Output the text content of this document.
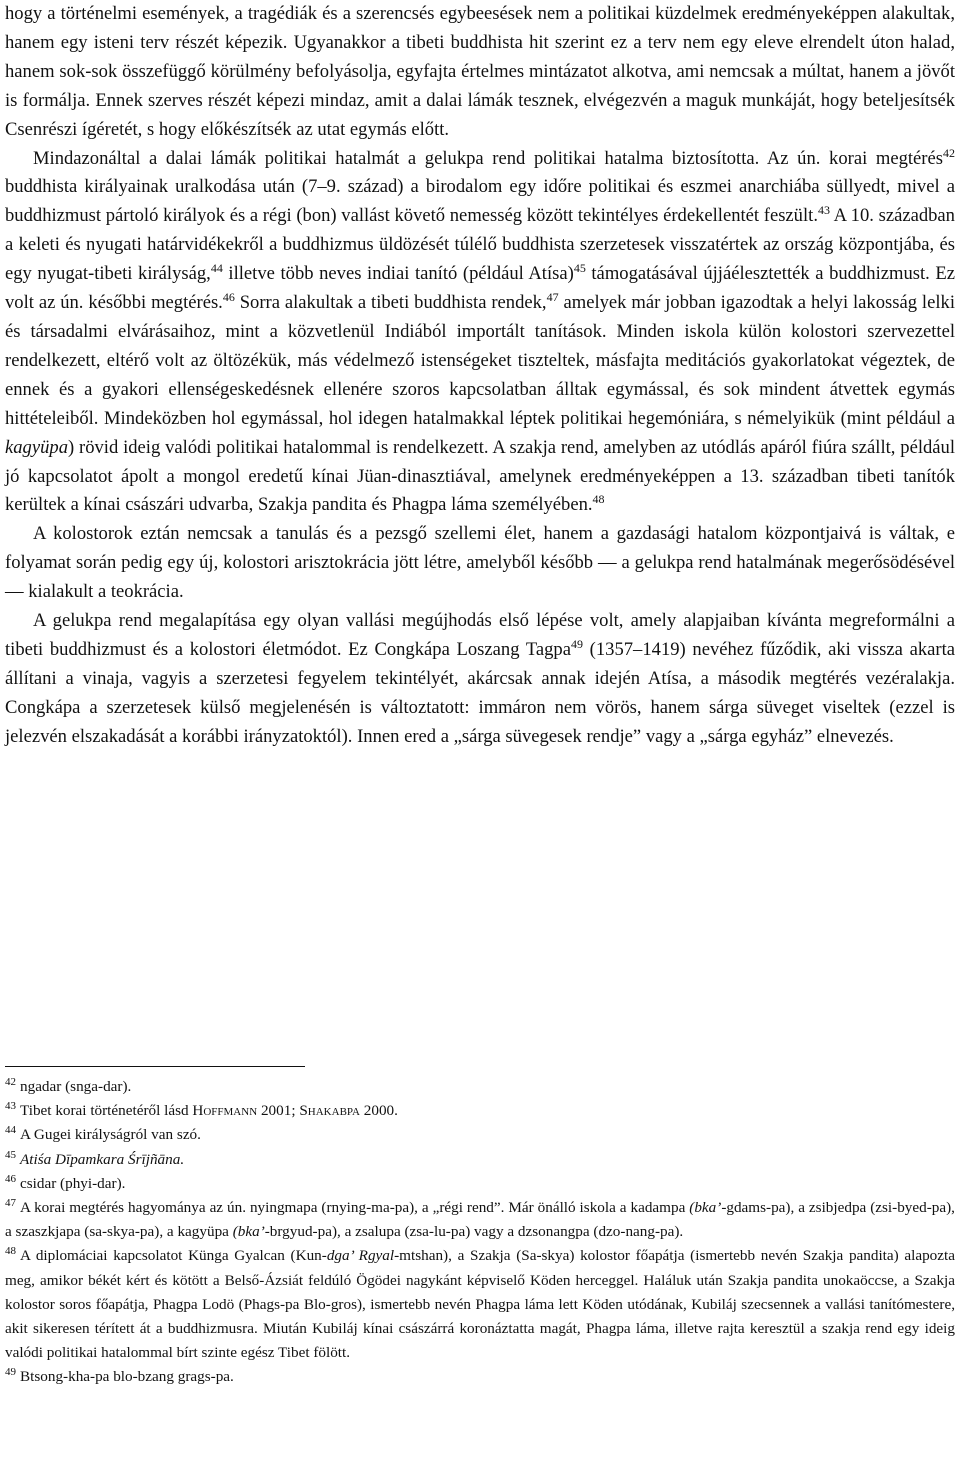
hogy a történelmi események, a tragédiák és a szerencsés egybeesések nem a politikai küzdelmek eredményeképpen alakultak, hanem egy isteni terv részét képezik. Ugyanakkor a tibeti buddhista hit szerint ez a terv nem egy eleve elrendelt úton halad, hanem sok-sok összefüggő körülmény befolyásolja, egyfajta értelmes mintázatot alkotva, ami nemcsak a múltat, hanem a jövőt is formálja. Ennek szerves részét képezi mindaz, amit a dalai lámák tesznek, elvégezvén a maguk munkáját, hogy beteljesítsék Csenrészi ígéretét, s hogy előkészítsék az utat egymás előtt.

Mindazonáltal a dalai lámák politikai hatalmát a gelukpa rend politikai hatalma biztosította. Az ún. korai megtérés$^{42}$ buddhista királyainak uralkodása után (7–9. század) a birodalom egy időre politikai és eszmei anarchiába süllyedt, mivel a buddhizmust pártoló királyok és a régi (bon) vallást követő nemesség között tekintélyes érdekellentét feszült.$^{43}$ A 10. században a keleti és nyugati határvidékekről a buddhizmus üldözését túlélő buddhista szerzetesek visszatértek az ország központjába, és egy nyugat-tibeti királyság,$^{44}$ illetve több neves indiai tanító (például Atísa)$^{45}$ támogatásával újjáélesztették a buddhizmust. Ez volt az ún. későbbi megtérés.$^{46}$ Sorra alakultak a tibeti buddhista rendek,$^{47}$ amelyek már jobban igazodtak a helyi lakosság lelki és társadalmi elvárásaihoz, mint a közvetlenül Indiából importált tanítások. Minden iskola külön kolostori szervezettel rendelkezett, eltérő volt az öltözékük, más védelmező istenségeket tiszteltek, másfajta meditációs gyakorlatokat végeztek, de ennek és a gyakori ellenségeskedésnek ellenére szoros kapcsolatban álltak egymással, és sok mindent átvettek egymás hittételeiből. Mindeközben hol egymással, hol idegen hatalmakkal léptek politikai hegemóniára, s némelyikük (mint például a kagyüpa) rövid ideig valódi politikai hatalommal is rendelkezett. A szakja rend, amelyben az utódlás apáról fiúra szállt, például jó kapcsolatot ápolt a mongol eredetű kínai Jüan-dinasztiával, amelynek eredményeképpen a 13. században tibeti tanítók kerültek a kínai császári udvarba, Szakja pandita és Phagpa láma személyében.$^{48}$

A kolostorok eztán nemcsak a tanulás és a pezsgő szellemi élet, hanem a gazdasági hatalom központjaivá is váltak, e folyamat során pedig egy új, kolostori arisztokrácia jött létre, amelyből később — a gelukpa rend hatalmának megerősödésével — kialakult a teokrácia.

A gelukpa rend megalapítása egy olyan vallási megújhodás első lépése volt, amely alapjaiban kívánta megreformálni a tibeti buddhizmust és a kolostori életmódot. Ez Congkápa Loszang Tagpa$^{49}$ (1357–1419) nevéhez fűződik, aki vissza akarta állítani a vinaja, vagyis a szerzetesi fegyelem tekintélyét, akárcsak annak idején Atísa, a második megtérés vezéralakja. Congkápa a szerzetesek külső megjelenésén is változtatott: immáron nem vörös, hanem sárga süveget viseltek (ezzel is jelezvén elszakadását a korábbi irányzatoktól). Innen ered a „sárga süvegesek rendje” vagy a „sárga egyház” elnevezés.

$^{42}$ ngadar (snga-dar).

$^{43}$ Tibet korai történetéről lásd Hoffmann 2001; Shakabpa 2000.

$^{44}$ A Gugei királyságról van szó.

$^{45}$ Atiśa Dīpamkara Śrījñāna.

$^{46}$ csidar (phyi-dar).

$^{47}$ A korai megtérés hagyománya az ún. nyingmapa (rnying-ma-pa), a „régi rend”. Már önálló iskola a kadampa (bka’-gdams-pa), a zsibjedpa (zsi-byed-pa), a szaszkjapa (sa-skya-pa), a kagyüpa (bka’-brgyud-pa), a zsalupa (zsa-lu-pa) vagy a dzsonangpa (dzo-nang-pa).

$^{48}$ A diplomáciai kapcsolatot Künga Gyalcan (Kun-dga’ Rgyal-mtshan), a Szakja (Sa-skya) kolostor főapátja (ismertebb nevén Szakja pandita) alapozta meg, amikor békét kért és kötött a Belső-Ázsiát feldúló Ögödei nagykánt képviselő Köden herceggel. Haláluk után Szakja pandita unokaöccse, a Szakja kolostor soros főapátja, Phagpa Lodö (Phags-pa Blo-gros), ismertebb nevén Phagpa láma lett Köden utódának, Kubiláj szecsennek a vallási tanítómestere, akit sikeresen térített át a buddhizmusra. Miután Kubiláj kínai császárrá koronáztatta magát, Phagpa láma, illetve rajta keresztül a szakja rend egy ideig valódi politikai hatalommal bírt szinte egész Tibet fölött.

$^{49}$ Btsong-kha-pa blo-bzang grags-pa.
